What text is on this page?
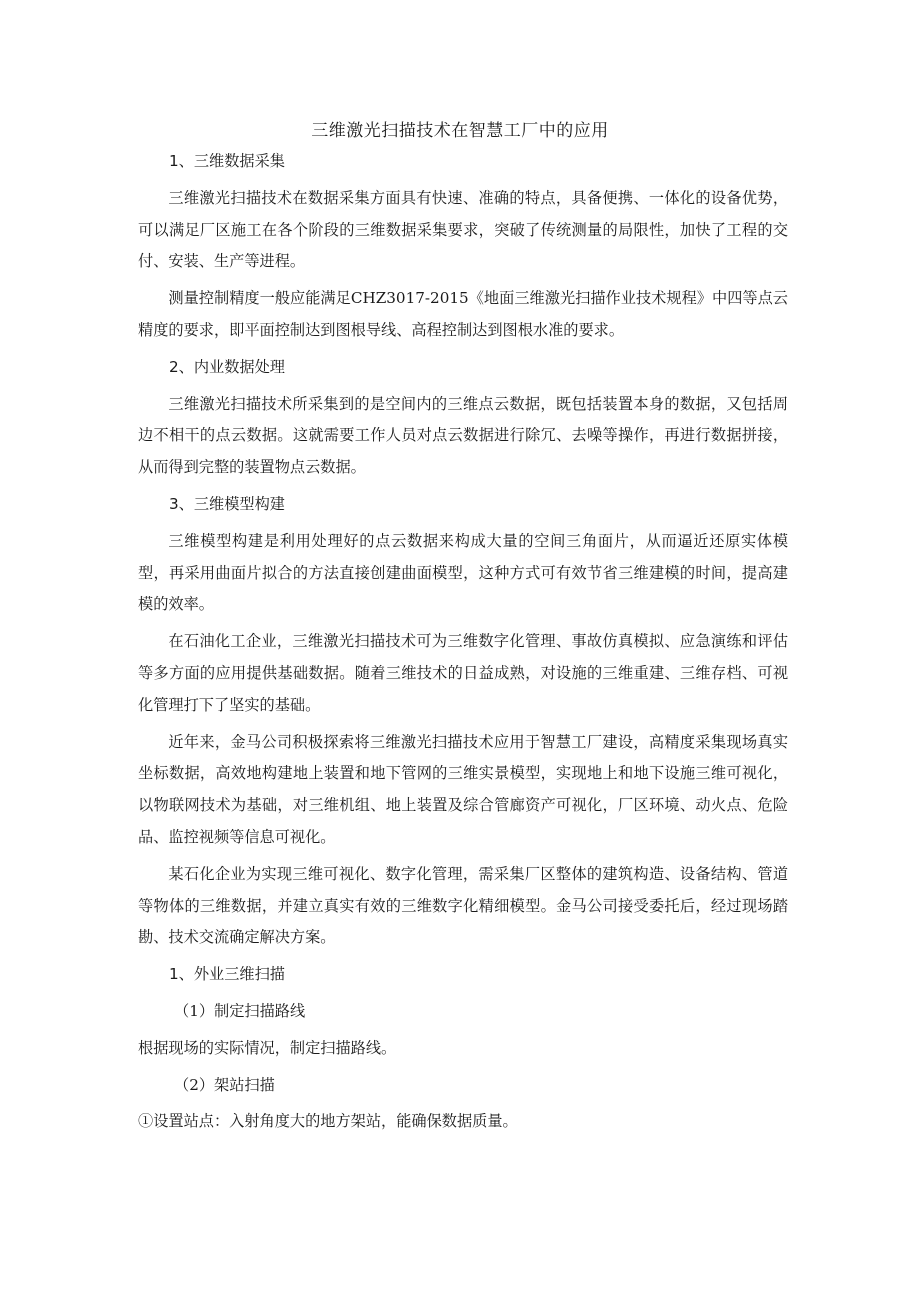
三维激光扫描技术在智慧工厂中的应用

1、三维数据采集

三维激光扫描技术在数据采集方面具有快速、准确的特点，具备便携、一体化的设备优势，可以满足厂区施工在各个阶段的三维数据采集要求，突破了传统测量的局限性，加快了工程的交付、安装、生产等进程。

测量控制精度一般应能满足CHZ3017-2015《地面三维激光扫描作业技术规程》中四等点云精度的要求，即平面控制达到图根导线、高程控制达到图根水准的要求。

2、内业数据处理

三维激光扫描技术所采集到的是空间内的三维点云数据，既包括装置本身的数据，又包括周边不相干的点云数据。这就需要工作人员对点云数据进行除冗、去噪等操作，再进行数据拼接，从而得到完整的装置物点云数据。

3、三维模型构建

三维模型构建是利用处理好的点云数据来构成大量的空间三角面片，从而逼近还原实体模型，再采用曲面片拟合的方法直接创建曲面模型，这种方式可有效节省三维建模的时间，提高建模的效率。

在石油化工企业，三维激光扫描技术可为三维数字化管理、事故仿真模拟、应急演练和评估等多方面的应用提供基础数据。随着三维技术的日益成熟，对设施的三维重建、三维存档、可视化管理打下了坚实的基础。

近年来，金马公司积极探索将三维激光扫描技术应用于智慧工厂建设，高精度采集现场真实坐标数据，高效地构建地上装置和地下管网的三维实景模型，实现地上和地下设施三维可视化，以物联网技术为基础，对三维机组、地上装置及综合管廊资产可视化，厂区环境、动火点、危险品、监控视频等信息可视化。

某石化企业为实现三维可视化、数字化管理，需采集厂区整体的建筑构造、设备结构、管道等物体的三维数据，并建立真实有效的三维数字化精细模型。金马公司接受委托后，经过现场踏勘、技术交流确定解决方案。

1、外业三维扫描

（1）制定扫描路线

根据现场的实际情况，制定扫描路线。

（2）架站扫描

①设置站点：入射角度大的地方架站，能确保数据质量。
